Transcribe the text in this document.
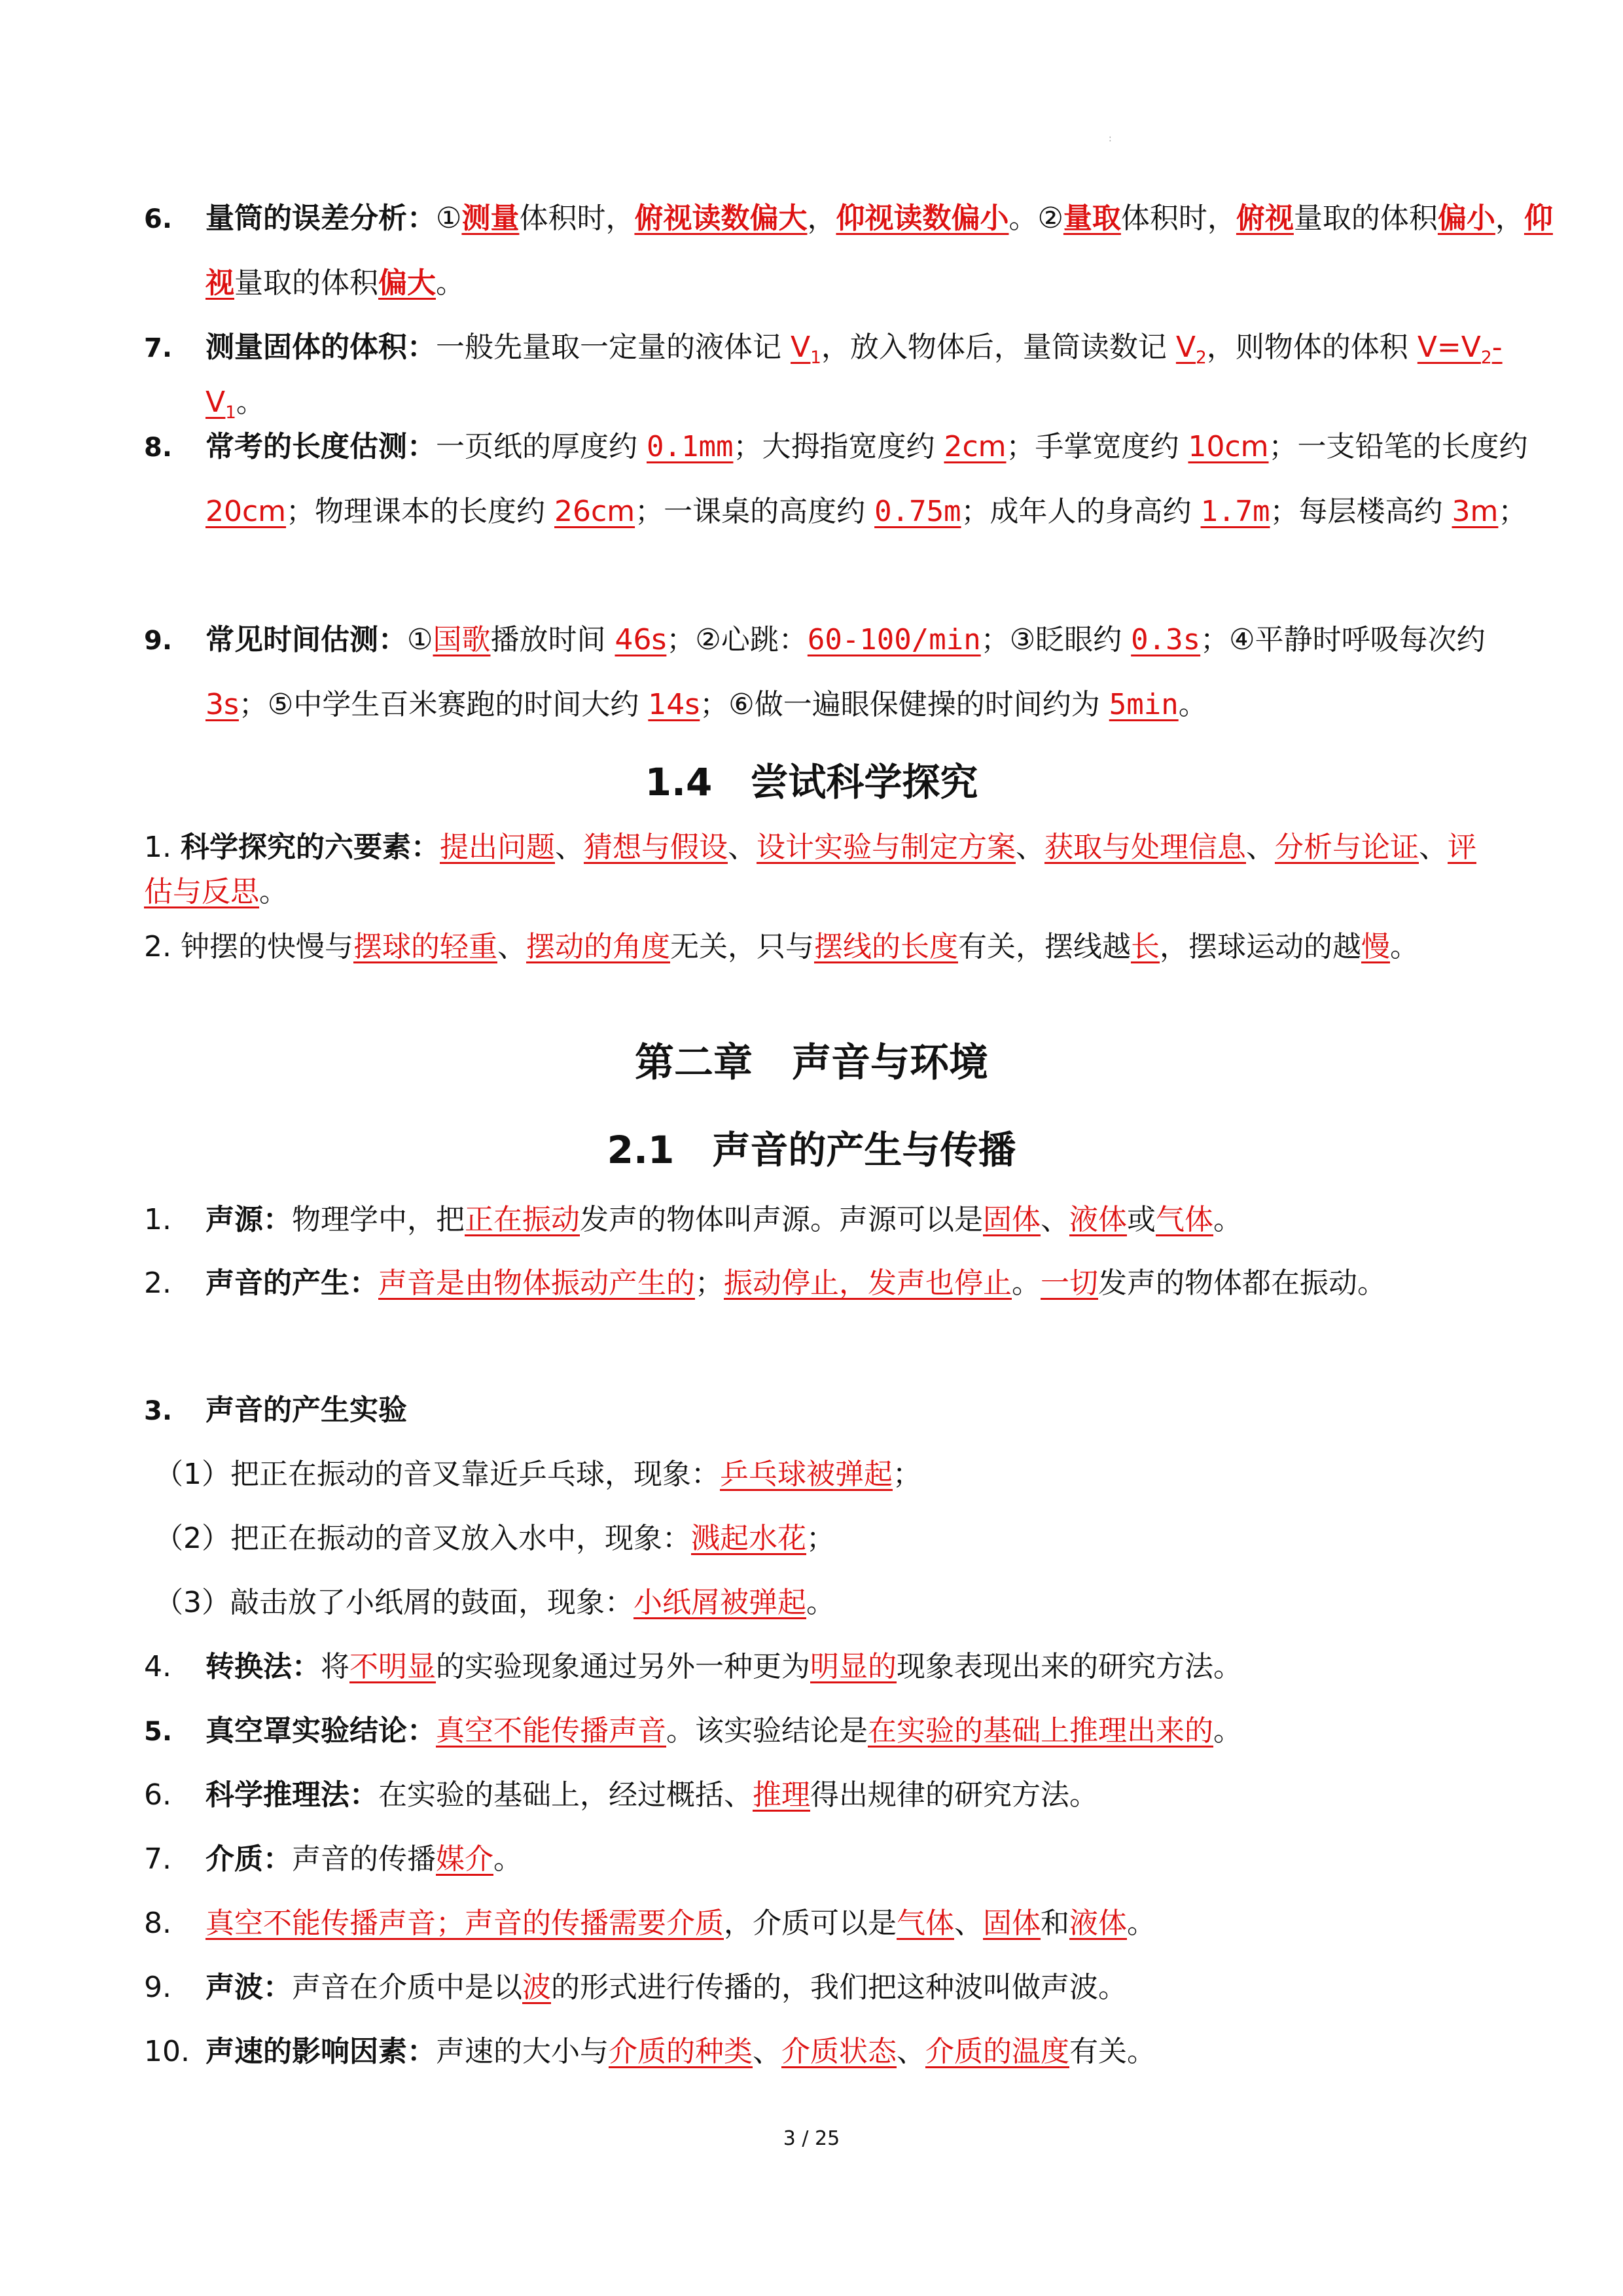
:

6. 量筒的误差分析：①测量体积时，俯视读数偏大，仰视读数偏小。②量取体积时，俯视量取的体积偏小，仰视量取的体积偏大。

7. 测量固体的体积：一般先量取一定量的液体记 $V_1$，放入物体后，量筒读数记 $V_2$，则物体的体积 $V=V_2-V_1$。

8. 常考的长度估测：一页纸的厚度约 0.1mm；大拇指宽度约 2cm；手掌宽度约 10cm；一支铅笔的长度约 20cm；物理课本的长度约 26cm；一课桌的高度约 0.75m；成年人的身高约 1.7m；每层楼高约 3m；

9. 常见时间估测：①国歌播放时间 46s；②心跳：60-100/min；③眨眼约 0.3s；④平静时呼吸每次约 3s；⑤中学生百米赛跑的时间大约 14s；⑥做一遍眼保健操的时间约为 5min。

1.4　尝试科学探究

1. 科学探究的六要素：提出问题、猜想与假设、设计实验与制定方案、获取与处理信息、分析与论证、评估与反思。

2. 钟摆的快慢与摆球的轻重、摆动的角度无关，只与摆线的长度有关，摆线越长，摆球运动的越慢。

第二章　声音与环境
2.1　声音的产生与传播

1. 声源：物理学中，把正在振动发声的物体叫声源。声源可以是固体、液体或气体。

2. 声音的产生：声音是由物体振动产生的；振动停止，发声也停止。一切发声的物体都在振动。

3. 声音的产生实验

（1）把正在振动的音叉靠近乒乓球，现象：乒乓球被弹起；

（2）把正在振动的音叉放入水中，现象：溅起水花；

（3）敲击放了小纸屑的鼓面，现象：小纸屑被弹起。

4. 转换法：将不明显的实验现象通过另外一种更为明显的现象表现出来的研究方法。

5. 真空罩实验结论：真空不能传播声音。该实验结论是在实验的基础上推理出来的。

6. 科学推理法：在实验的基础上，经过概括、推理得出规律的研究方法。

7. 介质：声音的传播媒介。

8. 真空不能传播声音；声音的传播需要介质，介质可以是气体、固体和液体。

9. 声波：声音在介质中是以波的形式进行传播的，我们把这种波叫做声波。

10. 声速的影响因素：声速的大小与介质的种类、介质状态、介质的温度有关。

3 / 25
